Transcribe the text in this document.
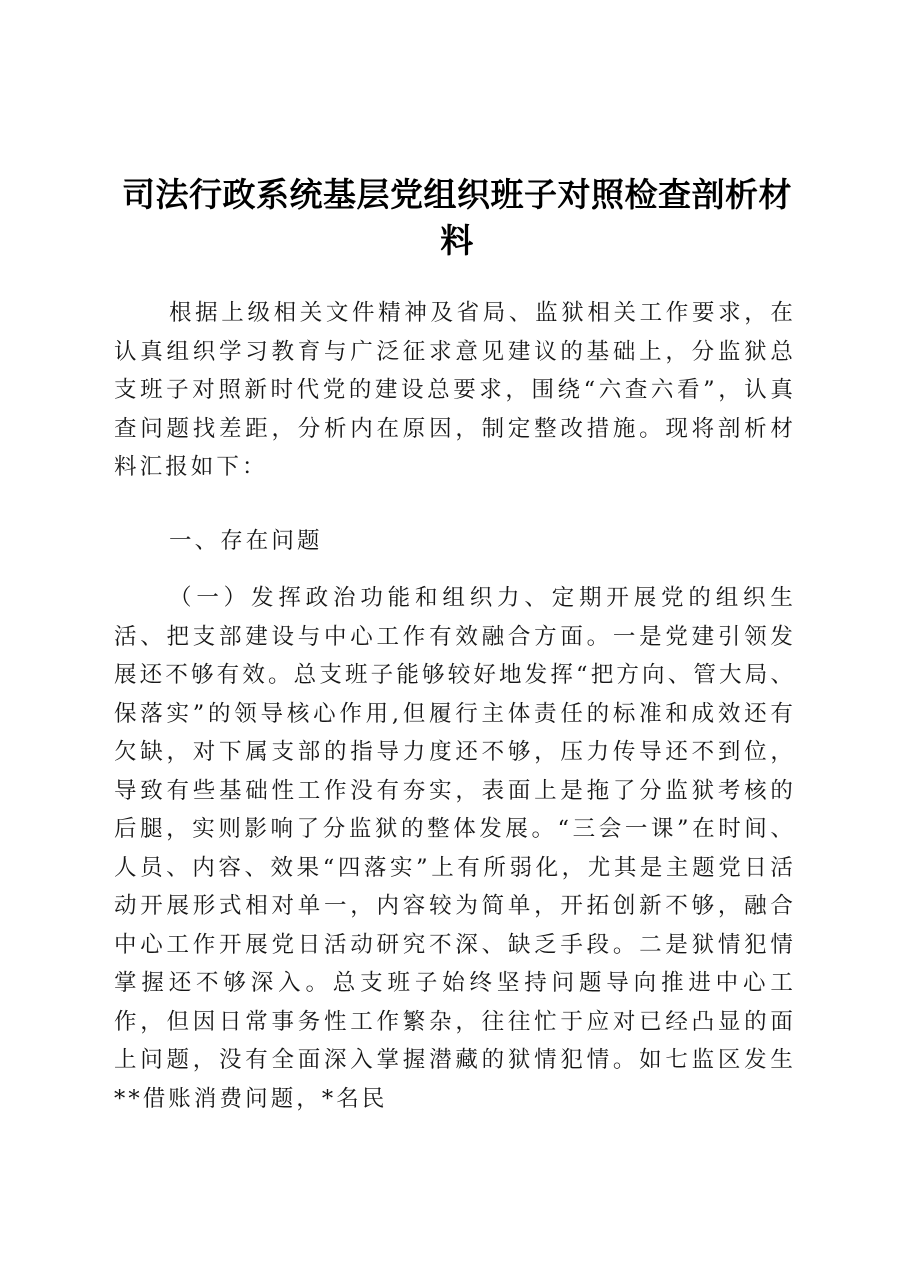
司法行政系统基层党组织班子对照检查剖析材料

根据上级相关文件精神及省局、监狱相关工作要求，在认真组织学习教育与广泛征求意见建议的基础上，分监狱总支班子对照新时代党的建设总要求，围绕“六查六看”，认真查问题找差距，分析内在原因，制定整改措施。现将剖析材料汇报如下：

一、存在问题

（一）发挥政治功能和组织力、定期开展党的组织生活、把支部建设与中心工作有效融合方面。一是党建引领发展还不够有效。总支班子能够较好地发挥“把方向、管大局、保落实”的领导核心作用,但履行主体责任的标准和成效还有欠缺，对下属支部的指导力度还不够，压力传导还不到位，导致有些基础性工作没有夯实，表面上是拖了分监狱考核的后腿，实则影响了分监狱的整体发展。“三会一课”在时间、人员、内容、效果“四落实”上有所弱化，尤其是主题党日活动开展形式相对单一，内容较为简单，开拓创新不够，融合中心工作开展党日活动研究不深、缺乏手段。二是狱情犯情掌握还不够深入。总支班子始终坚持问题导向推进中心工作，但因日常事务性工作繁杂，往往忙于应对已经凸显的面上问题，没有全面深入掌握潜藏的狱情犯情。如七监区发生**借账消费问题，*名民
